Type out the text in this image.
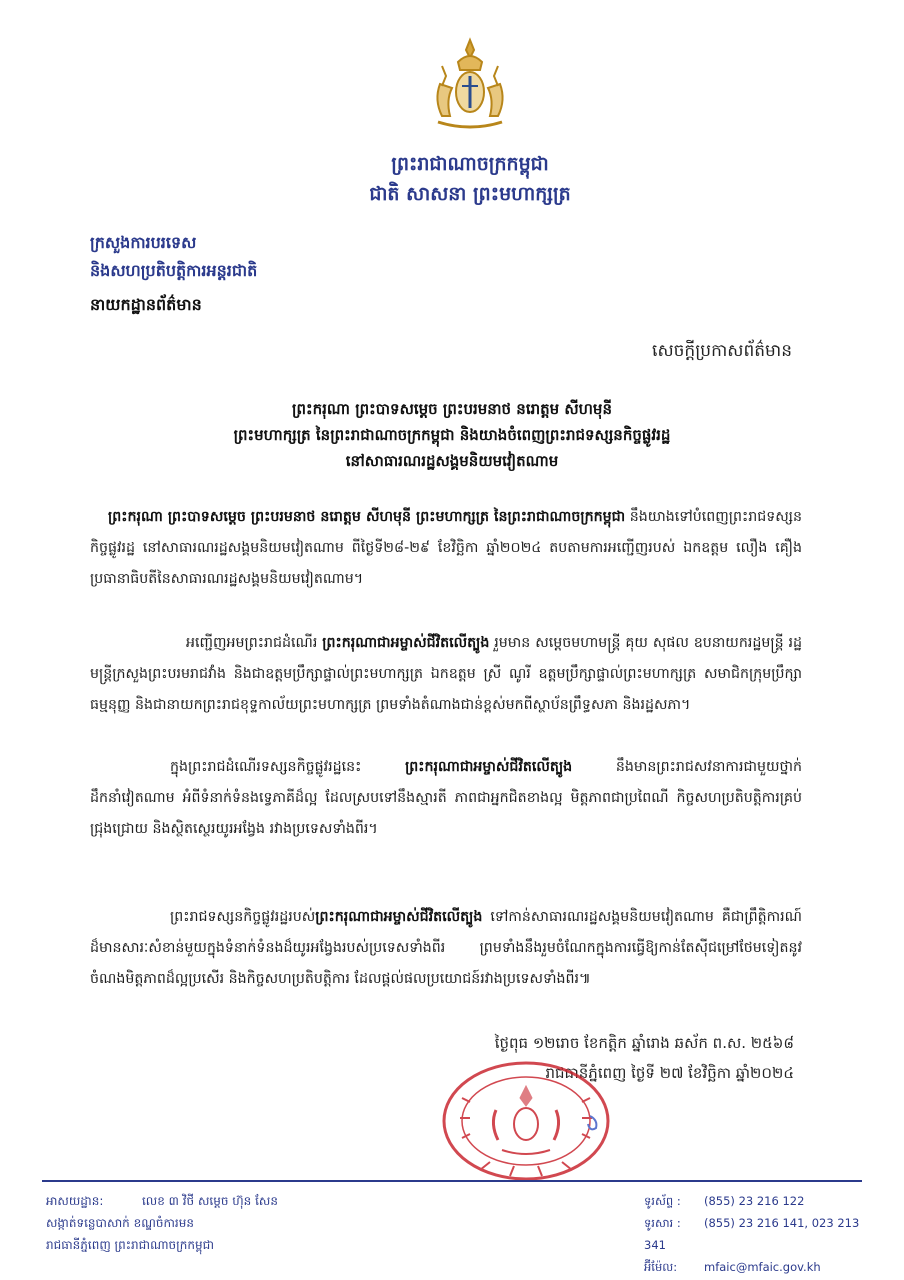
ព្រះរាជាណាចក្រកម្ពុជា
ជាតិ សាសនា ព្រះមហាក្សត្រ
ក្រសួងការបរទេស
និងសហប្រតិបត្តិការអន្តរជាតិ
នាយកដ្ឋានព័ត៌មាន
សេចក្តីប្រកាសព័ត៌មាន
ព្រះករុណា ព្រះបាទសម្តេច ព្រះបរមនាថ នរោត្តម សីហមុនី
ព្រះមហាក្សត្រ នៃព្រះរាជាណាចក្រកម្ពុជា និងយាងចំពេញព្រះរាជទស្សនកិច្ចផ្លូវរដ្ឋ
នៅសាធារណរដ្ឋសង្គមនិយមវៀតណាម
ព្រះករុណា ព្រះបាទសម្តេច ព្រះបរមនាថ នរោត្តម សីហមុនី ព្រះមហាក្សត្រ នៃព្រះរាជាណាចក្រកម្ពុជា នឹងយាងទៅបំពេញព្រះរាជទស្សនកិច្ចផ្លូវរដ្ឋ នៅសាធារណរដ្ឋសង្គមនិយមវៀតណាម ពីថ្ងៃទី២៨-២៩ ខែវិច្ឆិកា ឆ្នាំ២០២៤ តបតាមការអញ្ជើញរបស់ ឯកឧត្តម លឿង គឿង ប្រធានាធិបតីនៃសាធារណរដ្ឋសង្គមនិយមវៀតណាម។
អញ្ជើញអមព្រះរាជដំណើរ ព្រះករុណាជាអម្ចាស់ជីវិតលើត្បូង រួមមាន សម្តេចមហាមន្ត្រី គុយ សុផល ឧបនាយករដ្ឋមន្ត្រី រដ្ឋមន្ត្រីក្រសួងព្រះបរមរាជវាំង និងជាឧត្តមប្រឹក្សាផ្ទាល់ព្រះមហាក្សត្រ ឯកឧត្តម ស្រី ណូរី ឧត្តមប្រឹក្សាផ្ទាល់ព្រះមហាក្សត្រ សមាជិកក្រុមប្រឹក្សាធម្មនុញ្ញ និងជានាយកព្រះរាជខុទ្ទកាល័យព្រះមហាក្សត្រ ព្រមទាំងតំណាងជាន់ខ្ពស់មកពីស្ថាប័នព្រឹទ្ធសភា និងរដ្ឋសភា។
ក្នុងព្រះរាជដំណើរទស្សនកិច្ចផ្លូវរដ្ឋនេះ ព្រះករុណាជាអម្ចាស់ជីវិតលើត្បូង នឹងមានព្រះរាជសវនាការជាមួយថ្នាក់ដឹកនាំវៀតណាម អំពីទំនាក់ទំនងទ្វេភាគីដ៏ល្អ ដែលស្របទៅនឹងស្មារតី ភាពជាអ្នកជិតខាងល្អ មិត្តភាពជាប្រពៃណី កិច្ចសហប្រតិបត្តិការគ្រប់ជ្រុងជ្រោយ និងស្ថិតស្ថេរយូរអង្វែង រវាងប្រទេសទាំងពីរ។
ព្រះរាជទស្សនកិច្ចផ្លូវរដ្ឋរបស់ព្រះករុណាជាអម្ចាស់ជីវិតលើត្បូង ទៅកាន់សាធារណរដ្ឋសង្គមនិយមវៀតណាម គឺជាព្រឹត្តិការណ៍ដ៏មានសារៈសំខាន់មួយក្នុងទំនាក់ទំនងដ៏យូរអង្វែងរបស់ប្រទេសទាំងពីរ ព្រមទាំងនឹងរួមចំណែកក្នុងការធ្វើឱ្យកាន់តែស៊ីជម្រៅថែមទៀតនូវចំណងមិត្តភាពដ៏ល្អប្រសើរ និងកិច្ចសហប្រតិបត្តិការ ដែលផ្តល់ផលប្រយោជន៍រវាងប្រទេសទាំងពីរ៕
ថ្ងៃពុធ ១២រោច ខែកត្តិក ឆ្នាំរោង ឆស័ក ព.ស. ២៥៦៨
រាជធានីភ្នំពេញ ថ្ងៃទី ២៧ ខែវិច្ឆិកា ឆ្នាំ២០២៤
អាសយដ្ឋាន:	លេខ ៣ វិថី សម្តេច ហ៊ុន សែន
សង្កាត់ទន្លេបាសាក់ ខណ្ឌចំការមន
រាជធានីភ្នំពេញ ព្រះរាជាណាចក្រកម្ពុជា
ទូរស័ព្ទ : (855) 23 216 122
ទូរសារ : (855) 23 216 141, 023 213 341
អ៊ីម៉ែល: mfaic@mfaic.gov.kh
